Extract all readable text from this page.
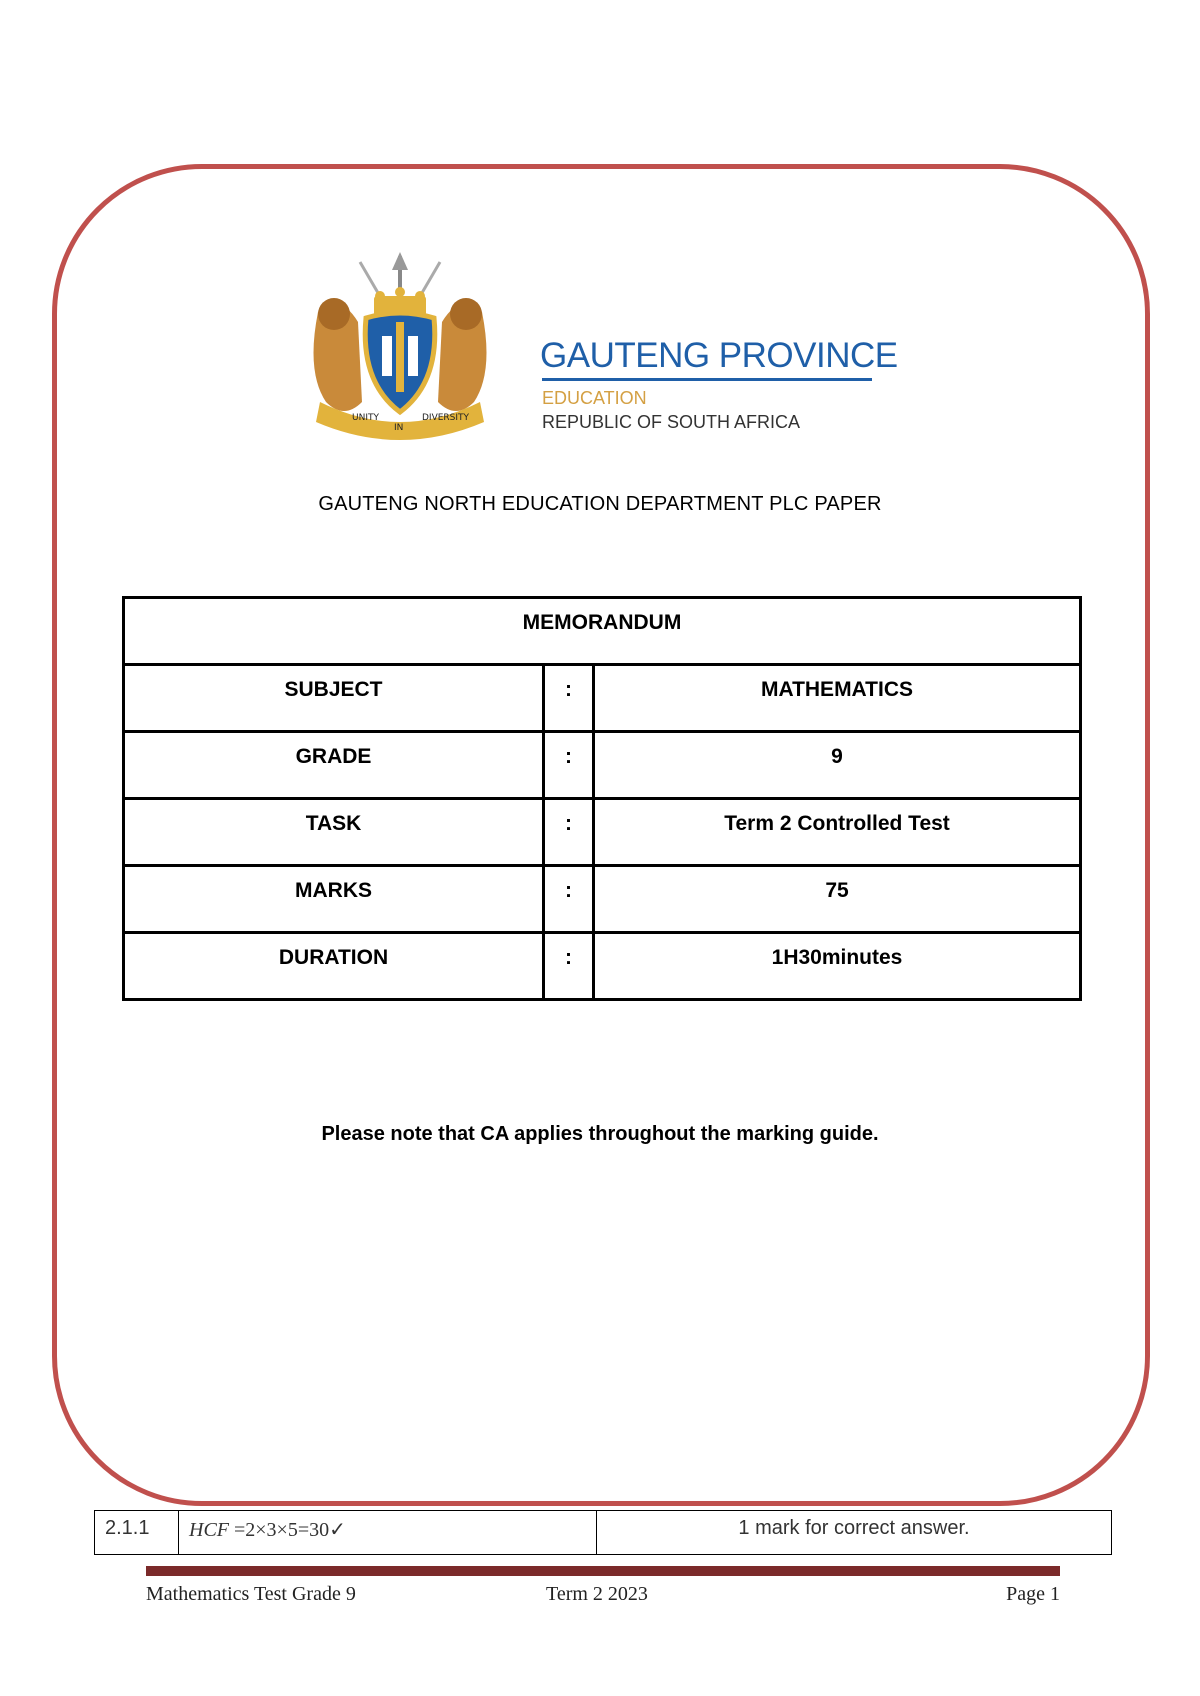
UNITY
IN
DIVERSITY
GAUTENG PROVINCE
EDUCATION
REPUBLIC OF SOUTH AFRICA
GAUTENG NORTH EDUCATION DEPARTMENT PLC PAPER
MEMORANDUM		
SUBJECT	:	MATHEMATICS
GRADE	:	9
TASK	:	Term 2 Controlled Test
MARKS	:	75
DURATION	:	1H30minutes
Please note that CA applies throughout the marking guide.
2.1.1	HCF =2×3×5=30✓	1 mark for correct answer.
Mathematics Test Grade 9	Term 2 2023	Page 1
